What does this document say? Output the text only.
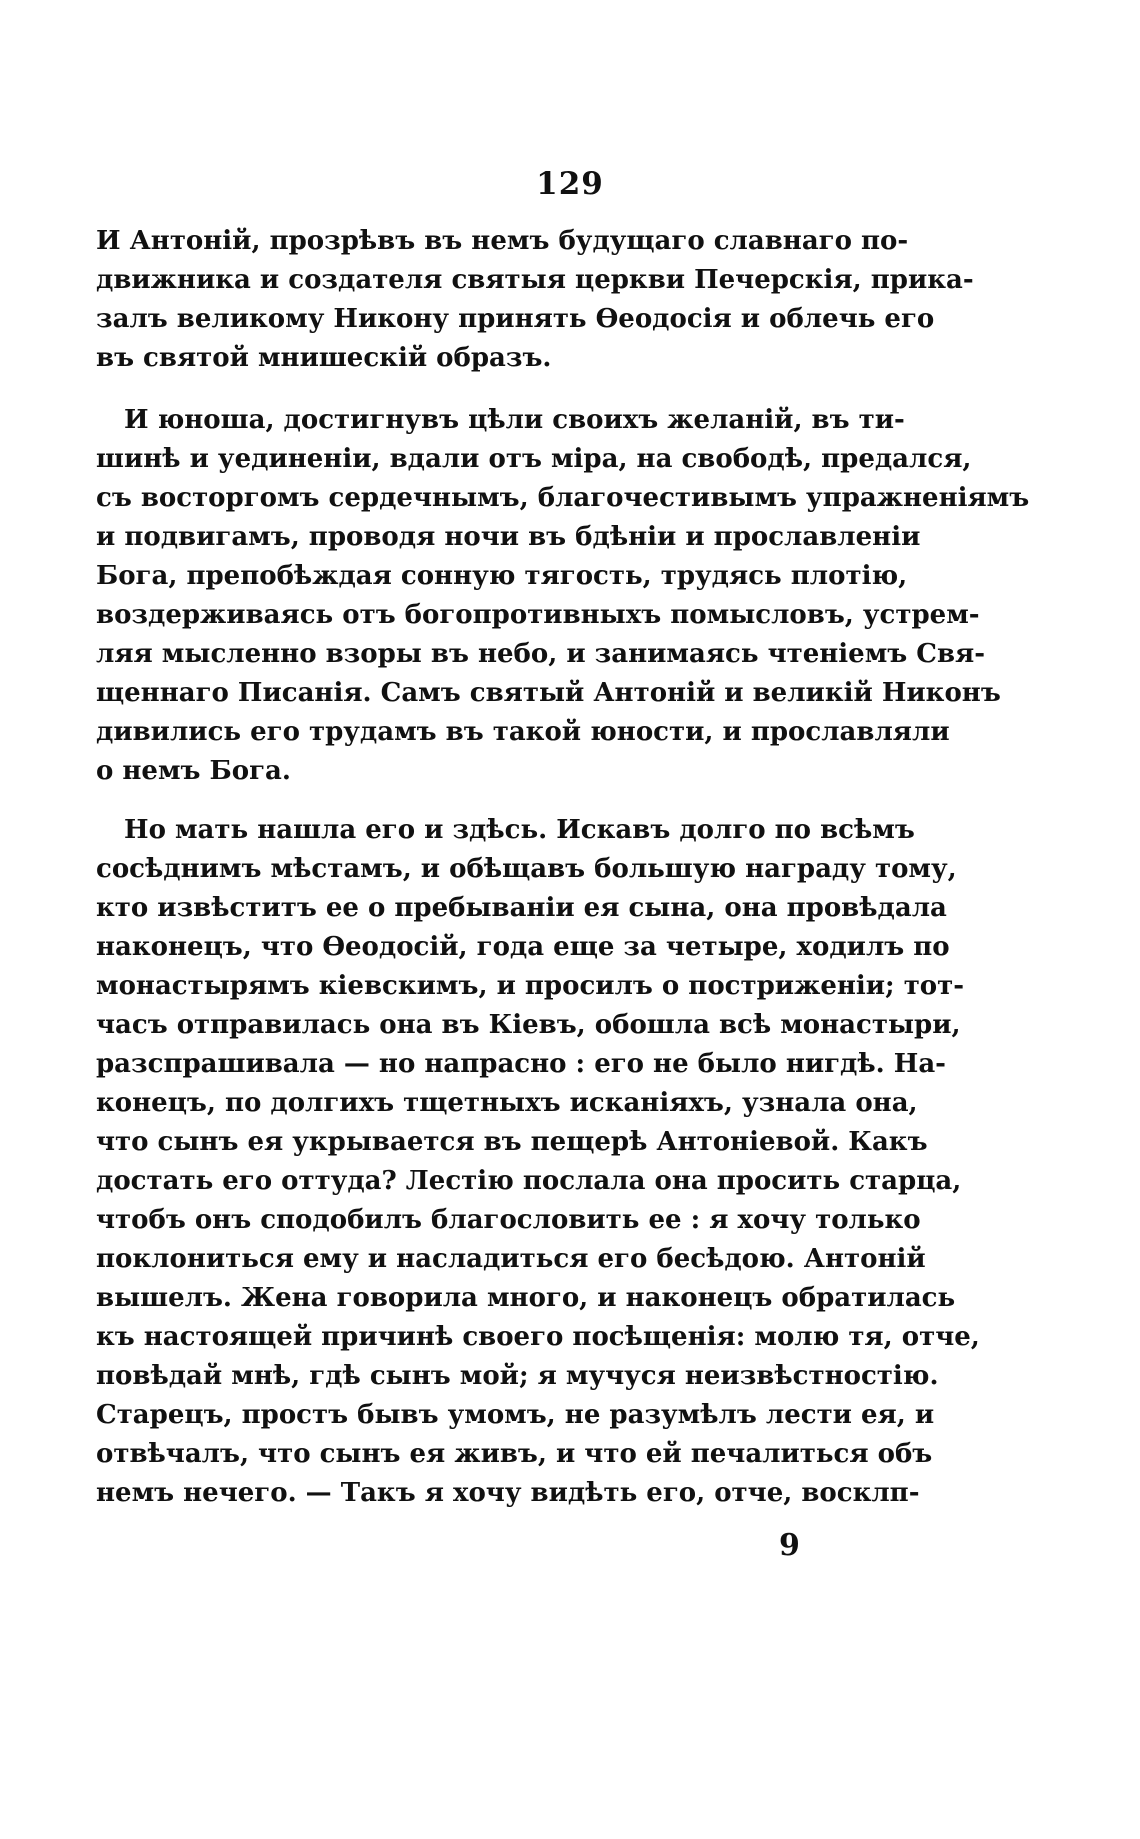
129
И Антоній, прозрѣвъ въ немъ будущаго славнаго по-
движника и создателя святыя церкви Печерскія, прика-
залъ великому Никону принять Ѳеодосія и облечь его
въ святой мнишескій образъ.
И юноша, достигнувъ цѣли своихъ желаній, въ ти-
шинѣ и уединеніи, вдали отъ міра, на свободѣ, предался,
съ восторгомъ сердечнымъ, благочестивымъ упражненіямъ
и подвигамъ, проводя ночи въ бдѣніи и прославленіи
Бога, препобѣждая сонную тягость, трудясь плотію,
воздерживаясь отъ богопротивныхъ помысловъ, устрем-
ляя мысленно взоры въ небо, и занимаясь чтеніемъ Свя-
щеннаго Писанія. Самъ святый Антоній и великій Никонъ
дивились его трудамъ въ такой юности, и прославляли
о немъ Бога.
Но мать нашла его и здѣсь. Искавъ долго по всѣмъ
сосѣднимъ мѣстамъ, и обѣщавъ большую награду тому,
кто извѣститъ ее о пребываніи ея сына, она провѣдала
наконецъ, что Ѳеодосій, года еще за четыре, ходилъ по
монастырямъ кіевскимъ, и просилъ о постриженіи; тот-
часъ отправилась она въ Кіевъ, обошла всѣ монастыри,
разспрашивала — но напрасно : его не было нигдѣ. На-
конецъ, по долгихъ тщетныхъ исканіяхъ, узнала она,
что сынъ ея укрывается въ пещерѣ Антоніевой. Какъ
достать его оттуда? Лестію послала она просить старца,
чтобъ онъ сподобилъ благословить ее : я хочу только
поклониться ему и насладиться его бесѣдою. Антоній
вышелъ. Жена говорила много, и наконецъ обратилась
къ настоящей причинѣ своего посѣщенія: молю тя, отче,
повѣдай мнѣ, гдѣ сынъ мой; я мучуся неизвѣстностію.
Старецъ, простъ бывъ умомъ, не разумѣлъ лести ея, и
отвѣчалъ, что сынъ ея живъ, и что ей печалиться объ
немъ нечего. — Такъ я хочу видѣть его, отче, восклп-
9
